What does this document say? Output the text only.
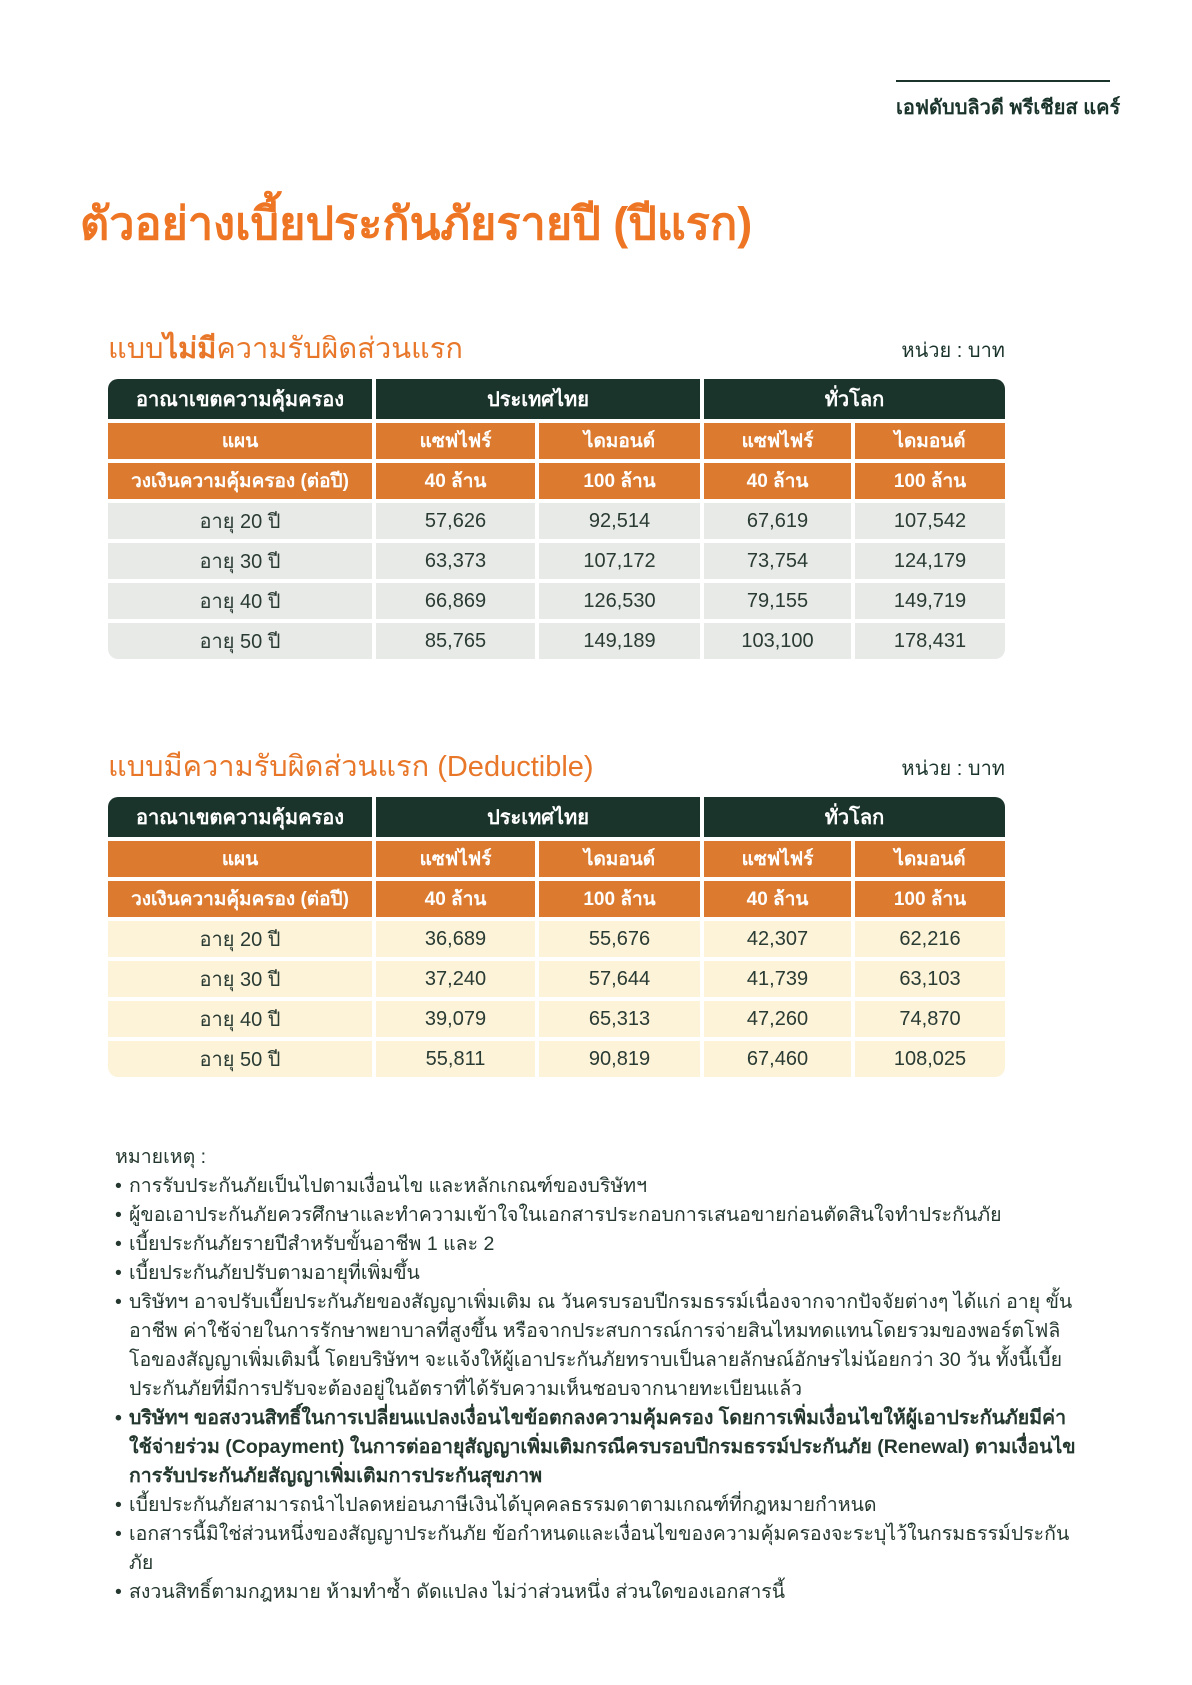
เอฟดับบลิวดี พรีเชียส แคร์
ตัวอย่างเบี้ยประกันภัยรายปี (ปีแรก)
แบบไม่มีความรับผิดส่วนแรก	หน่วย : บาท
อาณาเขตความคุ้มครอง	ประเทศไทย	ทั่วโลก
แผน	แซฟไฟร์	ไดมอนด์	แซฟไฟร์	ไดมอนด์
วงเงินความคุ้มครอง (ต่อปี)	40 ล้าน	100 ล้าน	40 ล้าน	100 ล้าน
อายุ 20 ปี	57,626	92,514	67,619	107,542
อายุ 30 ปี	63,373	107,172	73,754	124,179
อายุ 40 ปี	66,869	126,530	79,155	149,719
อายุ 50 ปี	85,765	149,189	103,100	178,431
แบบมีความรับผิดส่วนแรก (Deductible)	หน่วย : บาท
อาณาเขตความคุ้มครอง	ประเทศไทย	ทั่วโลก
แผน	แซฟไฟร์	ไดมอนด์	แซฟไฟร์	ไดมอนด์
วงเงินความคุ้มครอง (ต่อปี)	40 ล้าน	100 ล้าน	40 ล้าน	100 ล้าน
อายุ 20 ปี	36,689	55,676	42,307	62,216
อายุ 30 ปี	37,240	57,644	41,739	63,103
อายุ 40 ปี	39,079	65,313	47,260	74,870
อายุ 50 ปี	55,811	90,819	67,460	108,025

หมายเหตุ :

• การรับประกันภัยเป็นไปตามเงื่อนไข และหลักเกณฑ์ของบริษัทฯ
• ผู้ขอเอาประกันภัยควรศึกษาและทำความเข้าใจในเอกสารประกอบการเสนอขายก่อนตัดสินใจทำประกันภัย
• เบี้ยประกันภัยรายปีสำหรับขั้นอาชีพ 1 และ 2
• เบี้ยประกันภัยปรับตามอายุที่เพิ่มขึ้น
• บริษัทฯ อาจปรับเบี้ยประกันภัยของสัญญาเพิ่มเติม ณ วันครบรอบปีกรมธรรม์เนื่องจากจากปัจจัยต่างๆ ได้แก่ อายุ ขั้นอาชีพ ค่าใช้จ่ายในการรักษาพยาบาลที่สูงขึ้น หรือจากประสบการณ์การจ่ายสินไหมทดแทนโดยรวมของพอร์ตโฟลิโอของสัญญาเพิ่มเติมนี้ โดยบริษัทฯ จะแจ้งให้ผู้เอาประกันภัยทราบเป็นลายลักษณ์อักษรไม่น้อยกว่า 30 วัน ทั้งนี้เบี้ยประกันภัยที่มีการปรับจะต้องอยู่ในอัตราที่ได้รับความเห็นชอบจากนายทะเบียนแล้ว
• บริษัทฯ ขอสงวนสิทธิ์ในการเปลี่ยนแปลงเงื่อนไขข้อตกลงความคุ้มครอง โดยการเพิ่มเงื่อนไขให้ผู้เอาประกันภัยมีค่าใช้จ่ายร่วม (Copayment) ในการต่ออายุสัญญาเพิ่มเติมกรณีครบรอบปีกรมธรรม์ประกันภัย (Renewal) ตามเงื่อนไขการรับประกันภัยสัญญาเพิ่มเติมการประกันสุขภาพ
• เบี้ยประกันภัยสามารถนำไปลดหย่อนภาษีเงินได้บุคคลธรรมดาตามเกณฑ์ที่กฎหมายกำหนด
• เอกสารนี้มิใช่ส่วนหนึ่งของสัญญาประกันภัย ข้อกำหนดและเงื่อนไขของความคุ้มครองจะระบุไว้ในกรมธรรม์ประกันภัย
• สงวนสิทธิ์ตามกฎหมาย ห้ามทำซ้ำ ดัดแปลง ไม่ว่าส่วนหนึ่ง ส่วนใดของเอกสารนี้
